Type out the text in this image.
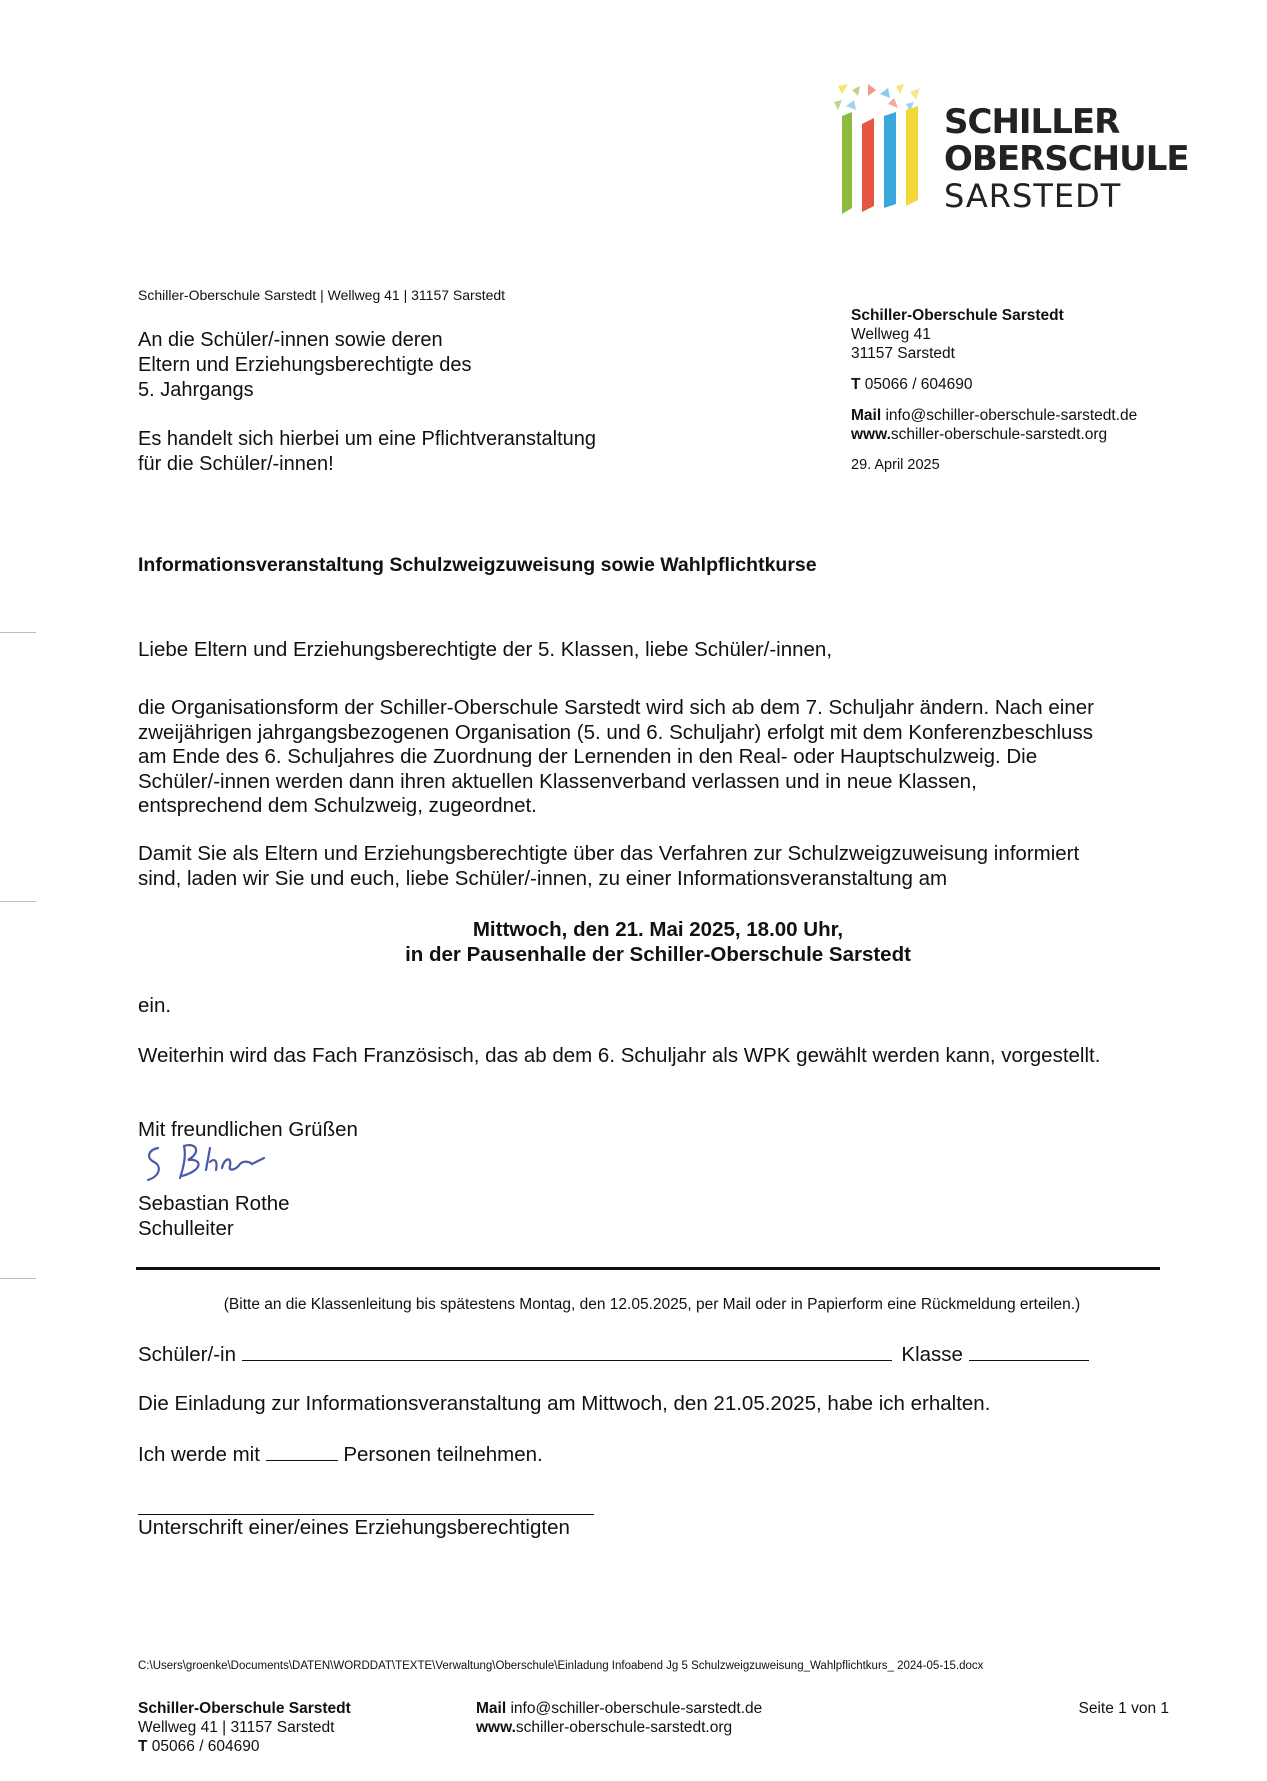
SCHILLER
OBERSCHULE
SARSTEDT
Schiller-Oberschule Sarstedt | Wellweg 41 | 31157 Sarstedt
An die Schüler/-innen sowie deren
Eltern und Erziehungsberechtigte des
5. Jahrgangs
Es handelt sich hierbei um eine Pflichtveranstaltung
für die Schüler/-innen!
Schiller-Oberschule Sarstedt
Wellweg 41
31157 Sarstedt
T 05066 / 604690
Mail info@schiller-oberschule-sarstedt.de
www.schiller-oberschule-sarstedt.org
29. April 2025
Informationsveranstaltung Schulzweigzuweisung sowie Wahlpflichtkurse
Liebe Eltern und Erziehungsberechtigte der 5. Klassen, liebe Schüler/-innen,
die Organisationsform der Schiller-Oberschule Sarstedt wird sich ab dem 7. Schuljahr ändern. Nach einer
zweijährigen jahrgangsbezogenen Organisation (5. und 6. Schuljahr) erfolgt mit dem Konferenzbeschluss
am Ende des 6. Schuljahres die Zuordnung der Lernenden in den Real- oder Hauptschulzweig. Die
Schüler/-innen werden dann ihren aktuellen Klassenverband verlassen und in neue Klassen,
entsprechend dem Schulzweig, zugeordnet.
Damit Sie als Eltern und Erziehungsberechtigte über das Verfahren zur Schulzweigzuweisung informiert
sind, laden wir Sie und euch, liebe Schüler/-innen, zu einer Informationsveranstaltung am
Mittwoch, den 21. Mai 2025, 18.00 Uhr,
in der Pausenhalle der Schiller-Oberschule Sarstedt
ein.
Weiterhin wird das Fach Französisch, das ab dem 6. Schuljahr als WPK gewählt werden kann, vorgestellt.
Mit freundlichen Grüßen
Sebastian Rothe
Schulleiter
(Bitte an die Klassenleitung bis spätestens Montag, den 12.05.2025, per Mail oder in Papierform eine Rückmeldung erteilen.)
Schüler/-in	Klasse
Die Einladung zur Informationsveranstaltung am Mittwoch, den 21.05.2025, habe ich erhalten.
Ich werde mit	Personen teilnehmen.
Unterschrift einer/eines Erziehungsberechtigten
C:\Users\groenke\Documents\DATEN\WORDDAT\TEXTE\Verwaltung\Oberschule\Einladung Infoabend Jg 5 Schulzweigzuweisung_Wahlpflichtkurs_ 2024-05-15.docx
Schiller-Oberschule Sarstedt
Wellweg 41 | 31157 Sarstedt
T 05066 / 604690
Mail info@schiller-oberschule-sarstedt.de
www.schiller-oberschule-sarstedt.org
Seite 1 von 1
